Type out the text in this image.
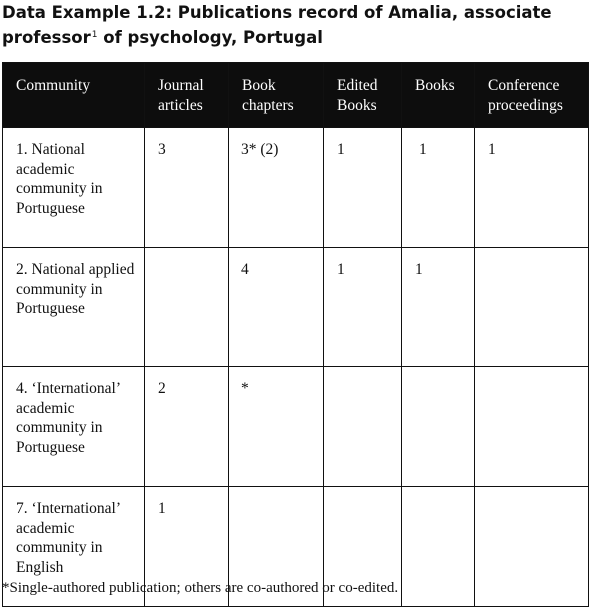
Data Example 1.2: Publications record of Amalia, associate professor$^1$ of psychology, Portugal
Community	Journal articles	Book chapters	Edited Books	Books	Conference proceedings
1. National academic community in Portuguese	3	3* (2)	1	1	1
2. National applied community in Portuguese		4	1	1	
4. ‘International’ academic community in Portuguese	2	*			
7. ‘International’ academic community in English	1				

*Single-authored publication; others are co-authored or co-edited.
